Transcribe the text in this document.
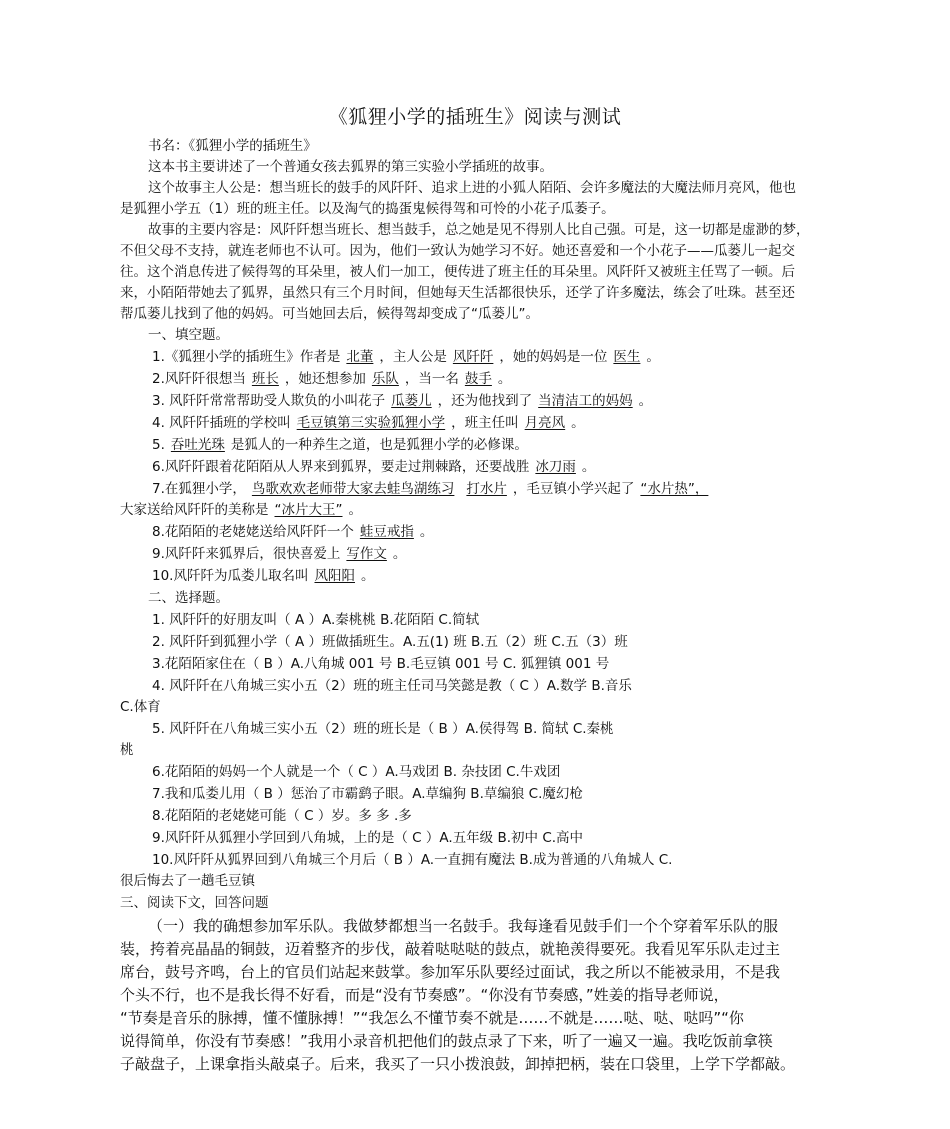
《狐狸小学的插班生》阅读与测试
书名：《狐狸小学的插班生》
这本书主要讲述了一个普通女孩去狐界的第三实验小学插班的故事。
这个故事主人公是：想当班长的鼓手的风阡阡、追求上进的小狐人陌陌、会许多魔法的大魔法师月亮风，他也
是狐狸小学五（1）班的班主任。以及淘气的捣蛋鬼候得驾和可怜的小花子瓜萎子。
故事的主要内容是：风阡阡想当班长、想当鼓手，总之她是见不得别人比自己强。可是，这一切都是虚渺的梦，
不但父母不支持，就连老师也不认可。因为，他们一致认为她学习不好。她还喜爱和一个小花子——瓜蒌儿一起交
往。这个消息传进了候得驾的耳朵里，被人们一加工，便传进了班主任的耳朵里。风阡阡又被班主任骂了一顿。后
来，小陌陌带她去了狐界，虽然只有三个月时间，但她每天生活都很快乐，还学了许多魔法，练会了吐珠。甚至还
帮瓜蒌儿找到了他的妈妈。可当她回去后，候得驾却变成了“瓜蒌儿”。
一、填空题。
1.《狐狸小学的插班生》作者是 北董 ，主人公是 风阡阡 ，她的妈妈是一位 医生 。
2.风阡阡很想当 班长 ，她还想参加 乐队 ，当一名 鼓手 。
3. 风阡阡常常帮助受人欺负的小叫花子 瓜蒌儿 ，还为他找到了 当清洁工的妈妈 。
4. 风阡阡插班的学校叫 毛豆镇第三实验狐狸小学 ，班主任叫 月亮风 。
5. 吞吐光珠 是狐人的一种养生之道，也是狐狸小学的必修课。
6.风阡阡跟着花陌陌从人界来到狐界，要走过荆棘路，还要战胜 冰刀雨 。
7.在狐狸小学， 鸟歌欢欢老师带大家去蛙鸟湖练习 打水片 ，毛豆镇小学兴起了 “水片热”，
大家送给风阡阡的美称是 “冰片大王” 。
8.花陌陌的老姥姥送给风阡阡一个 蛙豆戒指 。
9.风阡阡来狐界后，很快喜爱上 写作文 。
10.风阡阡为瓜娄儿取名叫 风阳阳 。
二、选择题。
1. 风阡阡的好朋友叫（ A ）A.秦桃桃 B.花陌陌 C.简轼
2. 风阡阡到狐狸小学（ A ）班做插班生。A.五(1) 班 B.五（2）班 C.五（3）班
3.花陌陌家住在（ B ）A.八角城 001 号 B.毛豆镇 001 号 C. 狐狸镇 001 号
4. 风阡阡在八角城三实小五（2）班的班主任司马笑懿是教（ C ）A.数学 B.音乐
C.体育
5. 风阡阡在八角城三实小五（2）班的班长是（ B ）A.侯得驾 B. 简轼 C.秦桃
桃
6.花陌陌的妈妈一个人就是一个（ C ）A.马戏团 B. 杂技团 C.牛戏团
7.我和瓜娄儿用（ B ）惩治了市霸鹞子眼。A.草编狗 B.草编狼 C.魔幻枪
8.花陌陌的老姥姥可能（ C ）岁。多 多 .多
9.风阡阡从狐狸小学回到八角城，上的是（ C ）A.五年级 B.初中 C.高中
10.风阡阡从狐界回到八角城三个月后（ B ）A.一直拥有魔法 B.成为普通的八角城人 C.
很后悔去了一趟毛豆镇
三、阅读下文，回答问题
（一）我的确想参加军乐队。我做梦都想当一名鼓手。我每逢看见鼓手们一个个穿着军乐队的服
装，挎着亮晶晶的铜鼓，迈着整齐的步伐，敲着哒哒哒的鼓点，就艳羡得要死。我看见军乐队走过主
席台，鼓号齐鸣，台上的官员们站起来鼓掌。参加军乐队要经过面试，我之所以不能被录用，不是我
个头不行，也不是我长得不好看，而是“没有节奏感”。“你没有节奏感，”姓姜的指导老师说，
“节奏是音乐的脉搏，懂不懂脉搏！”“我怎么不懂节奏不就是……不就是……哒、哒、哒吗”“你
说得简单，你没有节奏感！”我用小录音机把他们的鼓点录了下来，听了一遍又一遍。我吃饭前拿筷
子敲盘子，上课拿指头敲桌子。后来，我买了一只小拨浪鼓，卸掉把柄，装在口袋里，上学下学都敲。
